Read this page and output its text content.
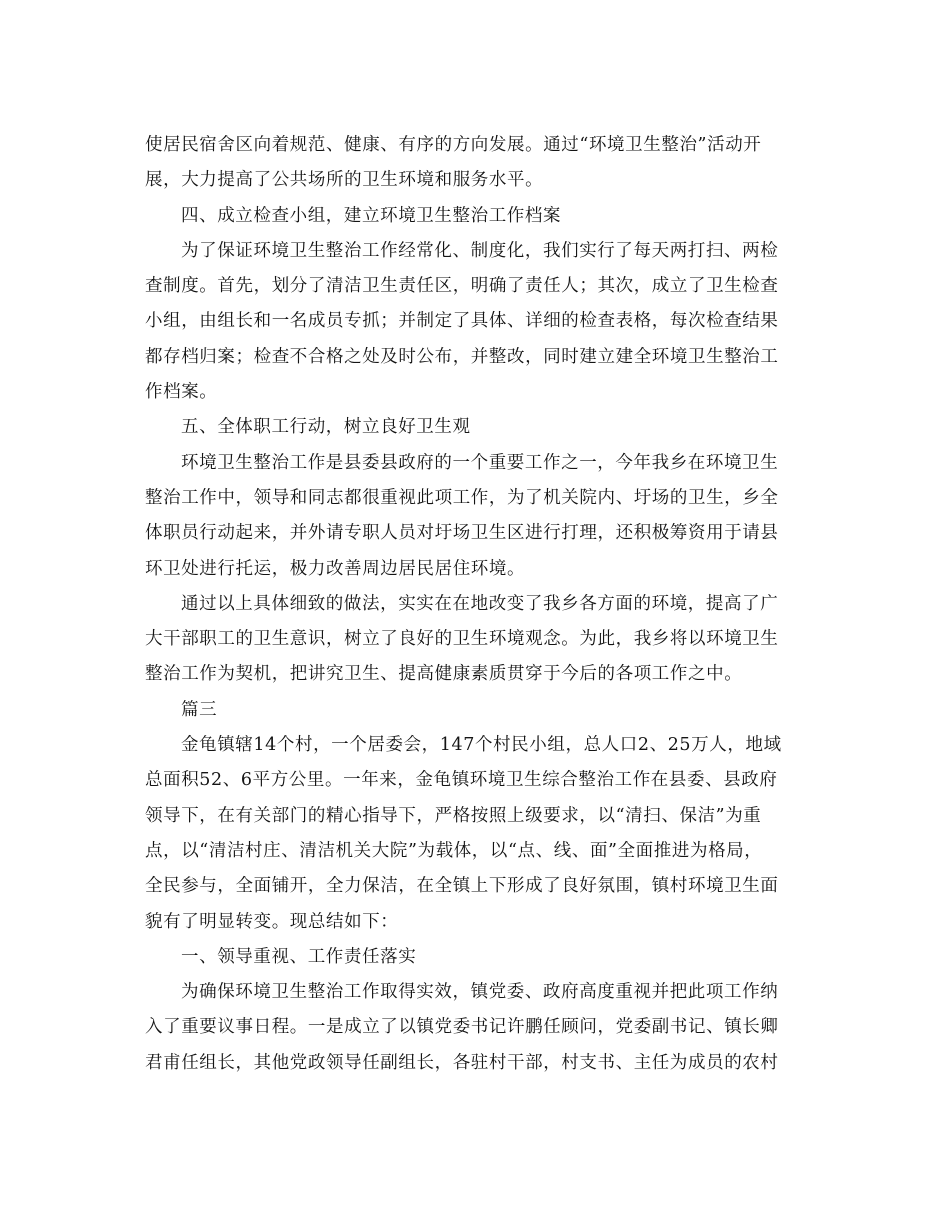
使居民宿舍区向着规范、健康、有序的方向发展。通过“环境卫生整治”活动开
展，大力提高了公共场所的卫生环境和服务水平。
四、成立检查小组，建立环境卫生整治工作档案
为了保证环境卫生整治工作经常化、制度化，我们实行了每天两打扫、两检
查制度。首先，划分了清洁卫生责任区，明确了责任人；其次，成立了卫生检查
小组，由组长和一名成员专抓；并制定了具体、详细的检查表格，每次检查结果
都存档归案；检查不合格之处及时公布，并整改，同时建立建全环境卫生整治工
作档案。
五、全体职工行动，树立良好卫生观
环境卫生整治工作是县委县政府的一个重要工作之一，今年我乡在环境卫生
整治工作中，领导和同志都很重视此项工作，为了机关院内、圩场的卫生，乡全
体职员行动起来，并外请专职人员对圩场卫生区进行打理，还积极筹资用于请县
环卫处进行托运，极力改善周边居民居住环境。
通过以上具体细致的做法，实实在在地改变了我乡各方面的环境，提高了广
大干部职工的卫生意识，树立了良好的卫生环境观念。为此，我乡将以环境卫生
整治工作为契机，把讲究卫生、提高健康素质贯穿于今后的各项工作之中。
篇三
金龟镇辖14个村，一个居委会，147个村民小组，总人口2、25万人，地域
总面积52、6平方公里。一年来，金龟镇环境卫生综合整治工作在县委、县政府
领导下，在有关部门的精心指导下，严格按照上级要求，以“清扫、保洁”为重
点，以“清洁村庄、清洁机关大院”为载体，以“点、线、面”全面推进为格局，
全民参与，全面铺开，全力保洁，在全镇上下形成了良好氛围，镇村环境卫生面
貌有了明显转变。现总结如下：
一、领导重视、工作责任落实
为确保环境卫生整治工作取得实效，镇党委、政府高度重视并把此项工作纳
入了重要议事日程。一是成立了以镇党委书记许鹏任顾问，党委副书记、镇长卿
君甫任组长，其他党政领导任副组长，各驻村干部，村支书、主任为成员的农村
